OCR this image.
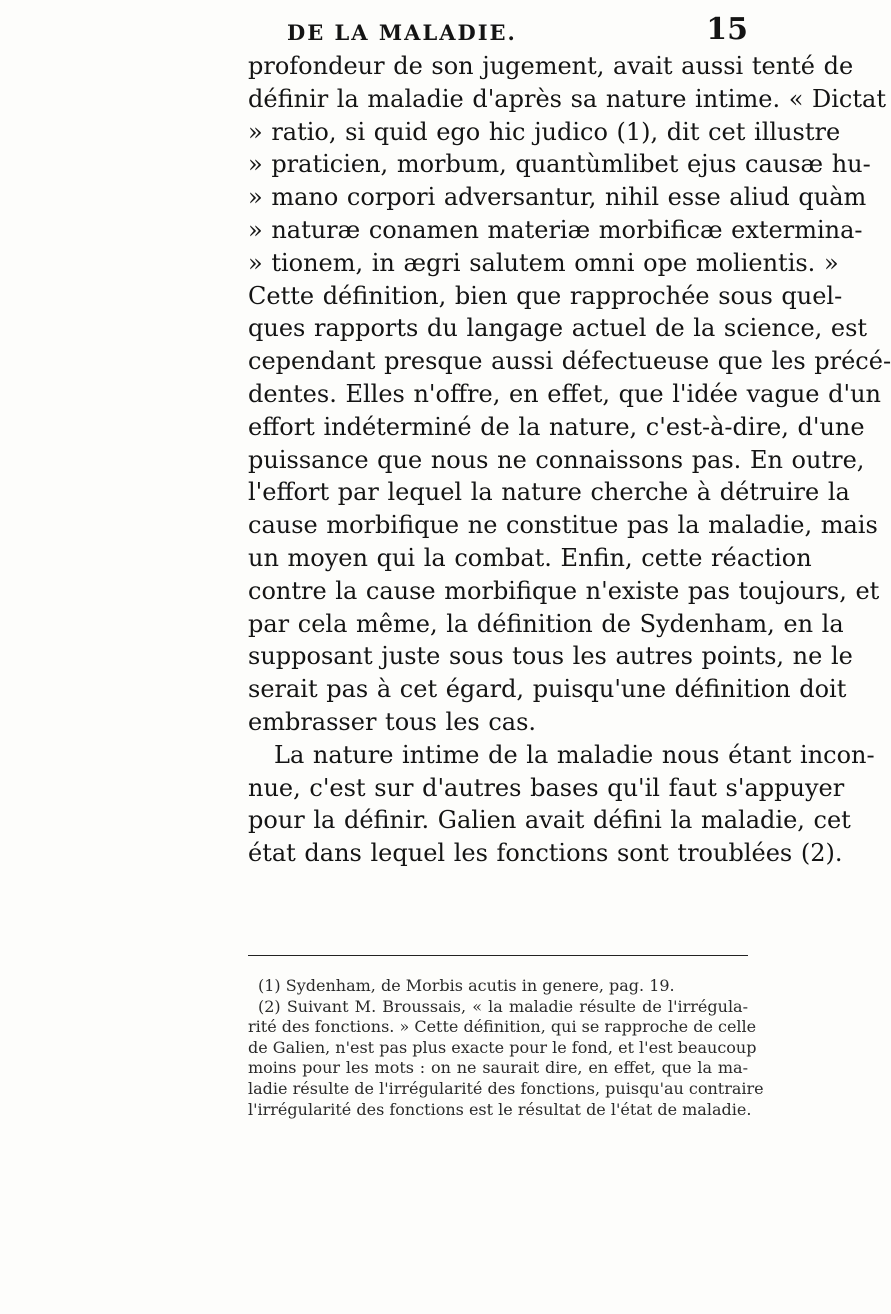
DE LA MALADIE.	15
profondeur de son jugement, avait aussi tenté de
définir la maladie d'après sa nature intime. « Dictat
» ratio, si quid ego hic judico (1), dit cet illustre
» praticien, morbum, quantùmlibet ejus causæ hu-
» mano corpori adversantur, nihil esse aliud quàm
» naturæ conamen materiæ morbificæ extermina-
» tionem, in ægri salutem omni ope molientis. »
Cette définition, bien que rapprochée sous quel-
ques rapports du langage actuel de la science, est
cependant presque aussi défectueuse que les précé-
dentes. Elles n'offre, en effet, que l'idée vague d'un
effort indéterminé de la nature, c'est-à-dire, d'une
puissance que nous ne connaissons pas. En outre,
l'effort par lequel la nature cherche à détruire la
cause morbifique ne constitue pas la maladie, mais
un moyen qui la combat. Enfin, cette réaction
contre la cause morbifique n'existe pas toujours, et
par cela même, la définition de Sydenham, en la
supposant juste sous tous les autres points, ne le
serait pas à cet égard, puisqu'une définition doit
embrasser tous les cas.
La nature intime de la maladie nous étant incon-
nue, c'est sur d'autres bases qu'il faut s'appuyer
pour la définir. Galien avait défini la maladie, cet
état dans lequel les fonctions sont troublées (2).
(1) Sydenham, de Morbis acutis in genere, pag. 19.
(2) Suivant M. Broussais, « la maladie résulte de l'irrégula-
rité des fonctions. » Cette définition, qui se rapproche de celle
de Galien, n'est pas plus exacte pour le fond, et l'est beaucoup
moins pour les mots : on ne saurait dire, en effet, que la ma-
ladie résulte de l'irrégularité des fonctions, puisqu'au contraire
l'irrégularité des fonctions est le résultat de l'état de maladie.
